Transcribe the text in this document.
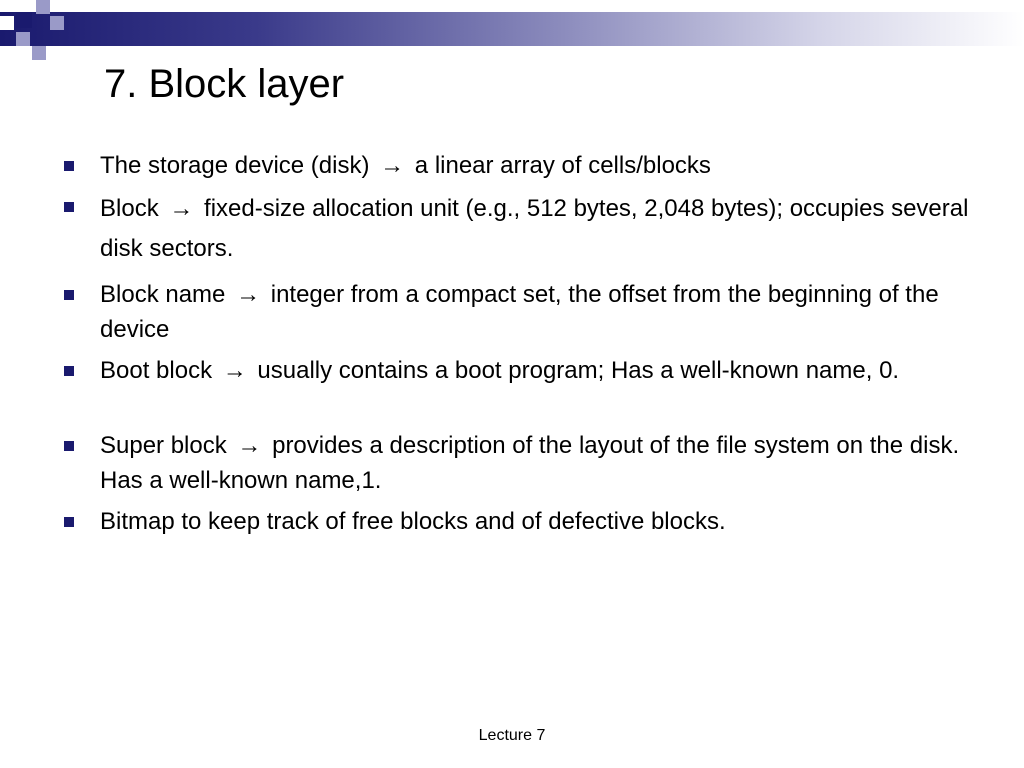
7. Block layer
The storage device (disk) → a linear array of cells/blocks
Block → fixed-size allocation unit (e.g., 512 bytes, 2,048 bytes); occupies several disk sectors.
Block name → integer from a compact set, the offset from the beginning of the device
Boot block → usually contains a boot program; Has a well-known name, 0.
Super block → provides a description of the layout of the file system on the disk. Has a well-known name,1.
Bitmap to keep track of free blocks and of defective blocks.
Lecture 7
